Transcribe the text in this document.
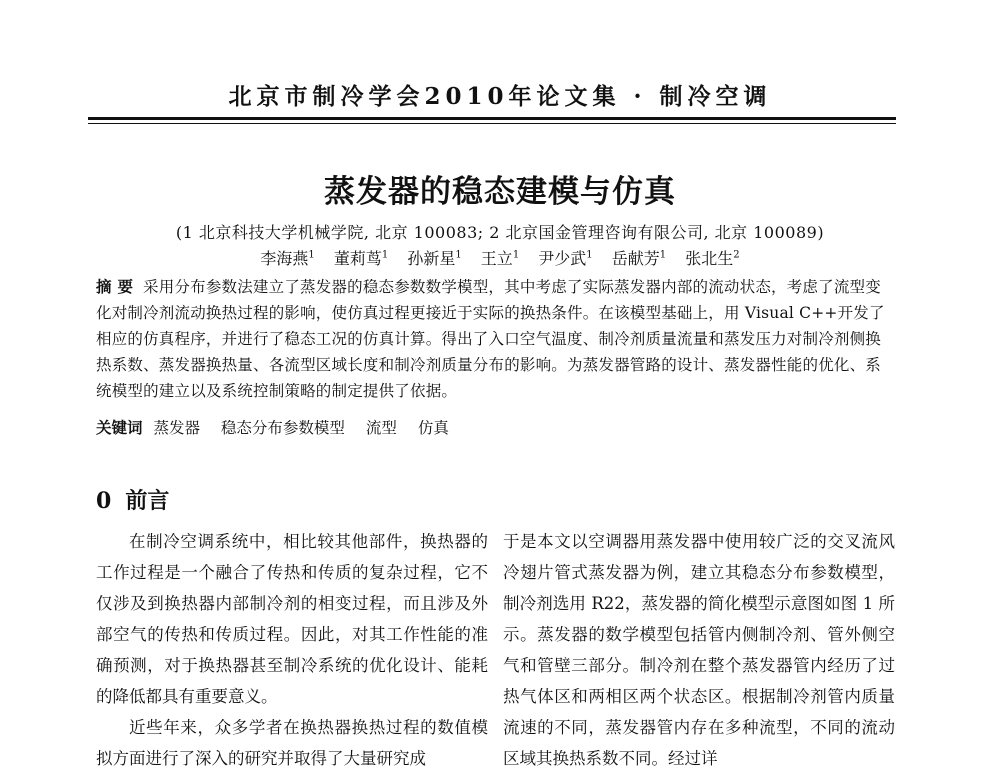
北京市制冷学会2010年论文集 · 制冷空调
蒸发器的稳态建模与仿真
(1 北京科技大学机械学院, 北京 100083; 2 北京国金管理咨询有限公司, 北京 100089)
李海燕$^1$ 董莉茑$^1$ 孙新星$^1$ 王立$^1$ 尹少武$^1$ 岳献芳$^1$ 张北生$^2$
摘要 采用分布参数法建立了蒸发器的稳态参数数学模型，其中考虑了实际蒸发器内部的流动状态，考虑了流型变化对制冷剂流动换热过程的影响，使仿真过程更接近于实际的换热条件。在该模型基础上，用 Visual C++开发了相应的仿真程序，并进行了稳态工况的仿真计算。得出了入口空气温度、制冷剂质量流量和蒸发压力对制冷剂侧换热系数、蒸发器换热量、各流型区域长度和制冷剂质量分布的影响。为蒸发器管路的设计、蒸发器性能的优化、系统模型的建立以及系统控制策略的制定提供了依据。
关键词 蒸发器 稳态分布参数模型 流型 仿真
0 前言

在制冷空调系统中，相比较其他部件，换热器的工作过程是一个融合了传热和传质的复杂过程，它不仅涉及到换热器内部制冷剂的相变过程，而且涉及外部空气的传热和传质过程。因此，对其工作性能的准确预测，对于换热器甚至制冷系统的优化设计、能耗的降低都具有重要意义。

近些年来，众多学者在换热器换热过程的数值模拟方面进行了深入的研究并取得了大量研究成

于是本文以空调器用蒸发器中使用较广泛的交叉流风冷翅片管式蒸发器为例，建立其稳态分布参数模型，制冷剂选用 R22，蒸发器的简化模型示意图如图 1 所示。蒸发器的数学模型包括管内侧制冷剂、管外侧空气和管壁三部分。制冷剂在整个蒸发器管内经历了过热气体区和两相区两个状态区。根据制冷剂管内质量流速的不同，蒸发器管内存在多种流型，不同的流动区域其换热系数不同。经过详
